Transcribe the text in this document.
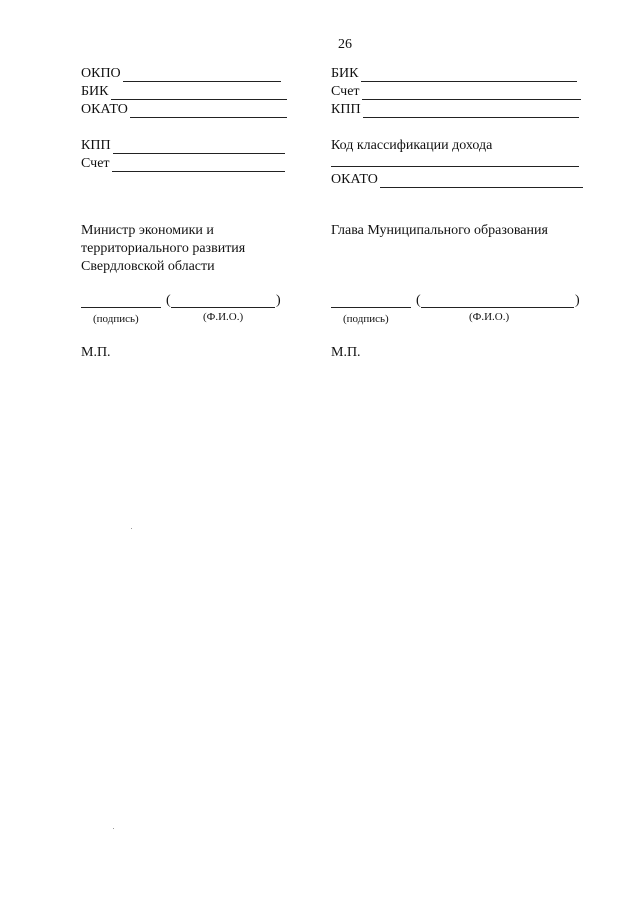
26
ОКПО
БИК
ОКАТО
КПП
Счет
Министр экономики и
территориального развития
Свердловской области
(	)
(подпись)	(Ф.И.О.)
М.П.
БИК
Счет
КПП
Код классификации дохода
ОКАТО
Глава Муниципального образования
(	)
(подпись)	(Ф.И.О.)
М.П.
